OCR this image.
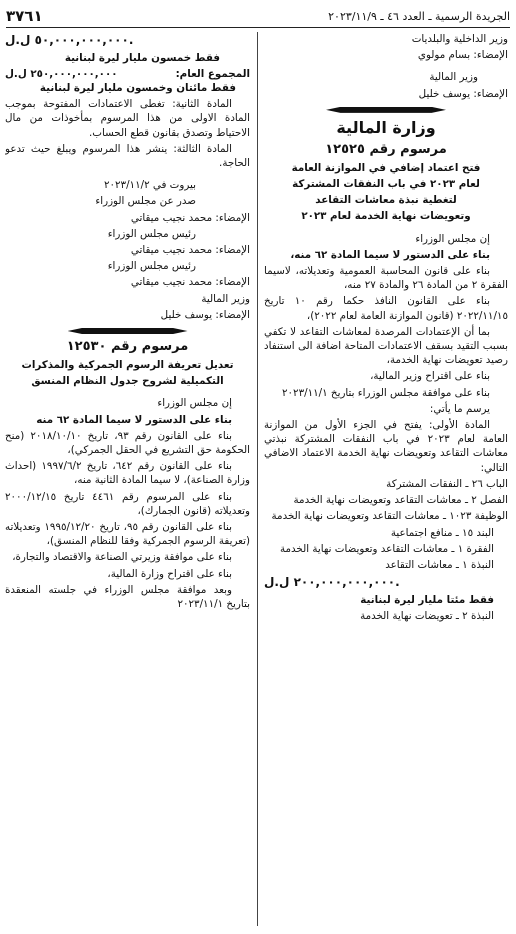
الجريدة الرسمية ـ العدد ٤٦ ـ ٢٠٢٣/١١/٩
٣٧٦١

وزير الداخلية والبلديات

الإمضاء: بسام مولوي

وزير المالية

الإمضاء: يوسف خليل

وزارة المالية

مرسوم رقم ١٢٥٢٥

فتح اعتماد إضافي في الموازنة العامة

لعام ٢٠٢٣ في باب النفقات المشتركة

لتغطية نبذة معاشات التقاعد

وتعويضات نهاية الخدمة لعام ٢٠٢٣

إن مجلس الوزراء

بناء على الدستور لا سيما المادة ٦٢ منه،

بناء على قانون المحاسبة العمومية وتعديلاته، لاسيما الفقرة ٢ من المادة ٢٦ والمادة ٢٧ منه،

بناء على القانون النافذ حكما رقم ١٠ تاريخ ٢٠٢٢/١١/١٥ (قانون الموازنة العامة لعام ٢٠٢٢)،

بما أن الإعتمادات المرصدة لمعاشات التقاعد لا تكفي بسبب التقيد بسقف الاعتمادات المتاحة اضافة الى استنفاد رصيد تعويضات نهاية الخدمة،

بناء على اقتراح وزير المالية،

بناء على موافقة مجلس الوزراء بتاريخ ٢٠٢٣/١١/١

يرسم ما يأتي:

المادة الأولى: يفتح في الجزء الأول من الموازنة العامة لعام ٢٠٢٣ في باب النفقات المشتركة نبذتي معاشات التقاعد وتعويضات نهاية الخدمة الاعتماد الاضافي التالي:

الباب ٢٦ ـ النفقات المشتركة

الفصل ٢ ـ معاشات التقاعد وتعويضات نهاية الخدمة

الوظيفة ١٠٢٣ ـ معاشات التقاعد وتعويضات نهاية الخدمة

البند ١٥ ـ منافع اجتماعية

الفقرة ١ ـ معاشات التقاعد وتعويضات نهاية الخدمة

النبذة ١ ـ معاشات التقاعد

٢٠٠,٠٠٠,٠٠٠,٠٠٠ ل.ل.

فقط مئتا مليار ليرة لبنانية

النبذة ٢ ـ تعويضات نهاية الخدمة

٥٠,٠٠٠,٠٠٠,٠٠٠ ل.ل.

فقط خمسون مليار ليرة لبنانية

المجموع العام:
٢٥٠,٠٠٠,٠٠٠,٠٠٠ ل.ل

فقط مائتان وخمسون مليار ليرة لبنانية

المادة الثانية: تغطى الاعتمادات المفتوحة بموجب المادة الاولى من هذا المرسوم بمأخوذات من مال الاحتياط وتصدق بقانون قطع الحساب.

المادة الثالثة: ينشر هذا المرسوم ويبلغ حيث تدعو الحاجة.

بيروت في ٢٠٢٣/١١/٢

صدر عن مجلس الوزراء

الإمضاء: محمد نجيب ميقاتي

رئيس مجلس الوزراء

الإمضاء: محمد نجيب ميقاتي

رئيس مجلس الوزراء

الإمضاء: محمد نجيب ميقاتي

وزير المالية

الإمضاء: يوسف خليل

مرسوم رقم ١٢٥٣٠

تعديل تعريفة الرسوم الجمركية والمذكرات

التكميلية لشروح جدول النظام المنسق

إن مجلس الوزراء

بناء على الدستور لا سيما المادة ٦٢ منه

بناء على القانون رقم ٩٣، تاريخ ٢٠١٨/١٠/١٠ (منح الحكومة حق التشريع في الحقل الجمركي)،

بناء على القانون رقم ٦٤٢، تاريخ ١٩٩٧/٦/٢ (احداث وزارة الصناعة)، لا سيما المادة الثانية منه،

بناء على المرسوم رقم ٤٤٦١ تاريخ ٢٠٠٠/١٢/١٥ وتعديلاته (قانون الجمارك)،

بناء على القانون رقم ٩٥، تاريخ ١٩٩٥/١٢/٢٠ وتعديلاته (تعريفة الرسوم الجمركية وفقا للنظام المنسق)،

بناء على موافقة وزيرتي الصناعة والاقتصاد والتجارة،

بناء على اقتراح وزارة المالية،

وبعد موافقة مجلس الوزراء في جلسته المنعقدة بتاريخ ٢٠٢٣/١١/١
